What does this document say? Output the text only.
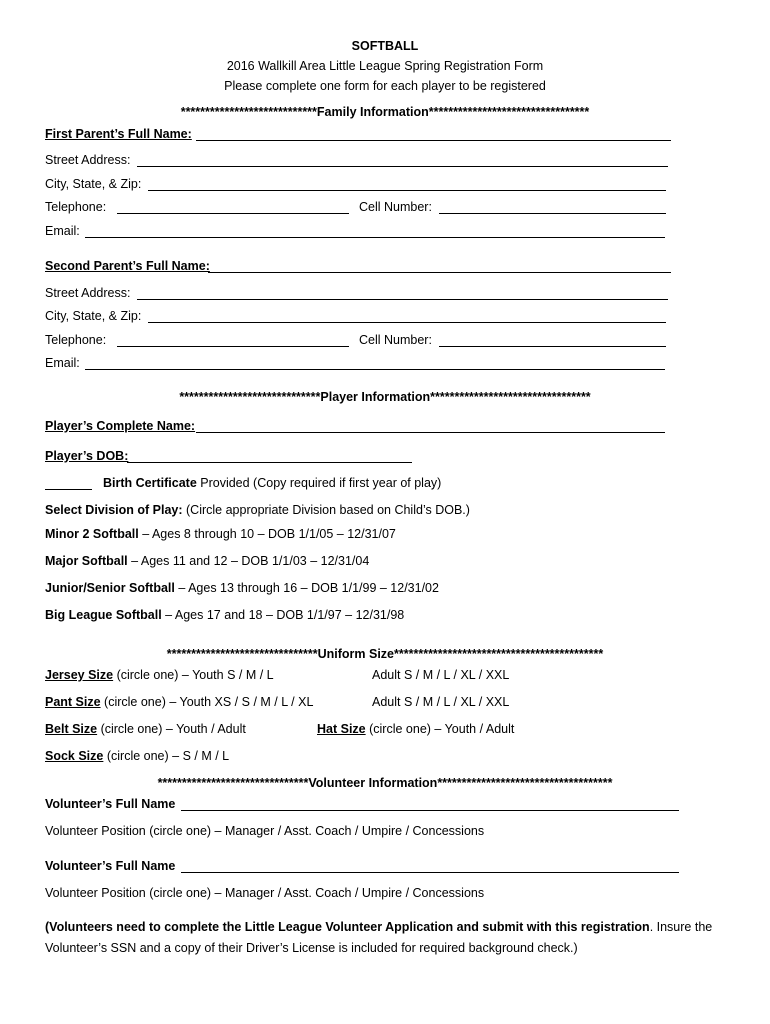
SOFTBALL
2016 Wallkill Area Little League Spring Registration Form
Please complete one form for each player to be registered
****************************Family Information*********************************
First Parent’s Full Name:
Street Address:
City, State, & Zip:
Telephone:	Cell Number:
Email:
Second Parent’s Full Name:
Street Address:
City, State, & Zip:
Telephone:	Cell Number:
Email:
*****************************Player Information*********************************
Player’s Complete Name:
Player’s DOB:
Birth Certificate Provided (Copy required if first year of play)
Select Division of Play: (Circle appropriate Division based on Child’s DOB.)
Minor 2 Softball – Ages 8 through 10 – DOB 1/1/05 – 12/31/07
Major Softball – Ages 11 and 12 – DOB 1/1/03 – 12/31/04
Junior/Senior Softball – Ages 13 through 16 – DOB 1/1/99 – 12/31/02
Big League Softball – Ages 17 and 18 – DOB 1/1/97 – 12/31/98
*******************************Uniform Size*******************************************
Jersey Size (circle one) – Youth S / M / L	Adult S / M / L / XL / XXL
Pant Size (circle one) – Youth XS / S / M / L / XL	Adult S / M / L / XL / XXL
Belt Size (circle one) – Youth / Adult	Hat Size (circle one) – Youth / Adult
Sock Size (circle one) – S / M / L
*******************************Volunteer Information************************************
Volunteer’s Full Name
Volunteer Position (circle one) – Manager / Asst. Coach / Umpire / Concessions
Volunteer’s Full Name
Volunteer Position (circle one) – Manager / Asst. Coach / Umpire / Concessions
(Volunteers need to complete the Little League Volunteer Application and submit with this registration. Insure the
Volunteer’s SSN and a copy of their Driver’s License is included for required background check.)
